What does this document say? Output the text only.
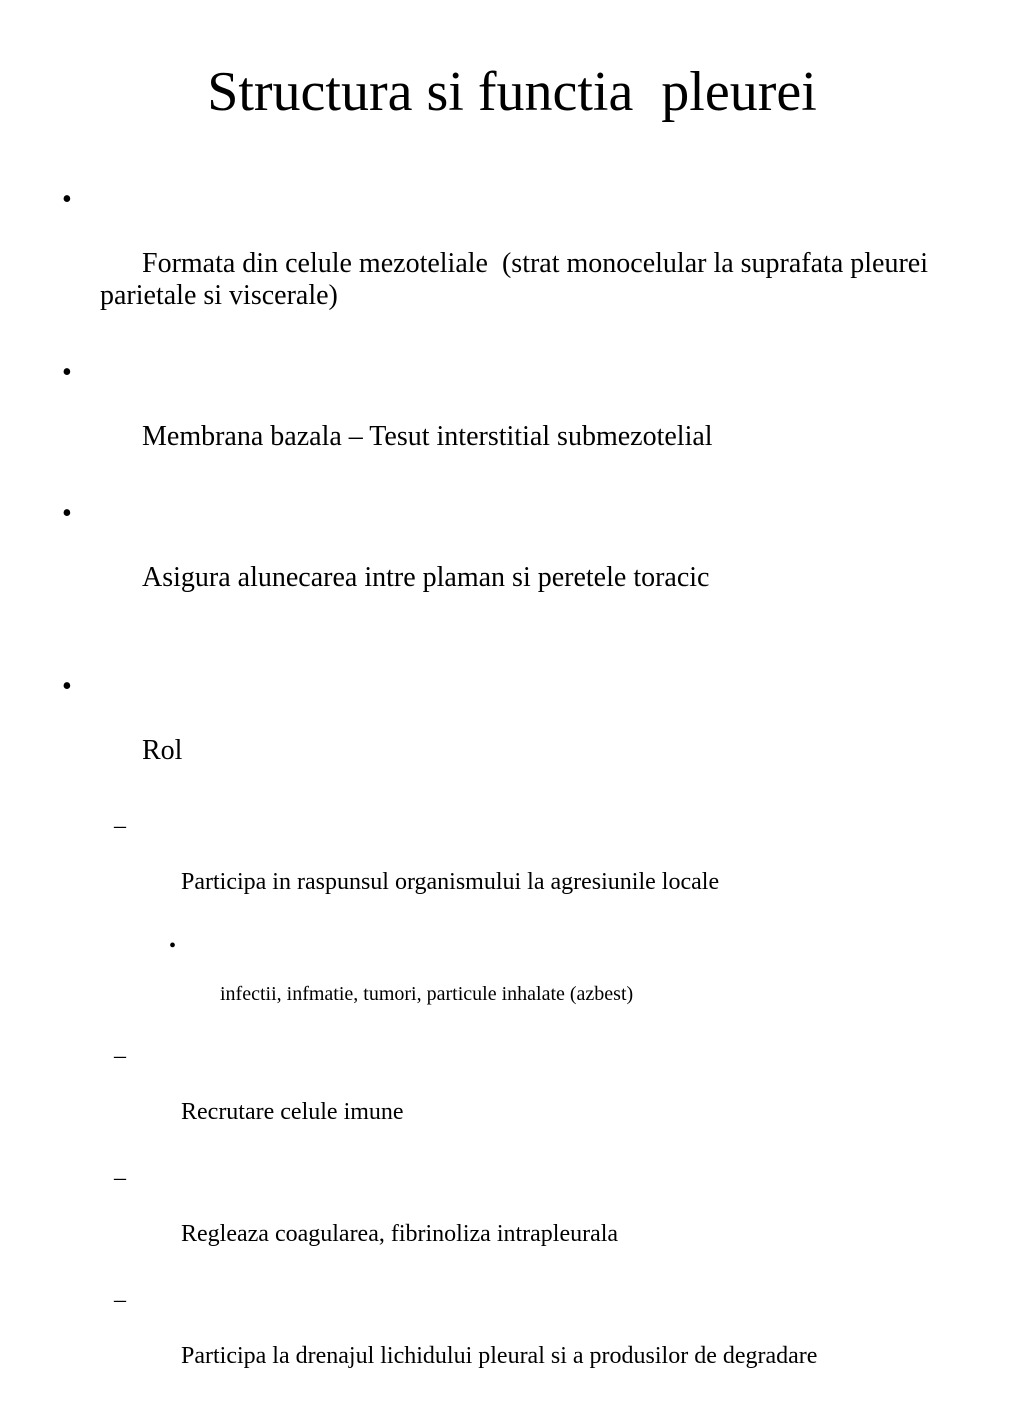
Structura si functia  pleurei

•

Formata din celule mezoteliale  (strat monocelular la suprafata pleurei parietale si viscerale)

•

Membrana bazala – Tesut interstitial submezotelial

•

Asigura alunecarea intre plaman si peretele toracic

•

Rol

–

Participa in raspunsul organismului la agresiunile locale

•

infectii, infmatie, tumori, particule inhalate (azbest)

–

Recrutare celule imune

–

Regleaza coagularea, fibrinoliza intrapleurala

–

Participa la drenajul lichidului pleural si a produsilor de degradare
